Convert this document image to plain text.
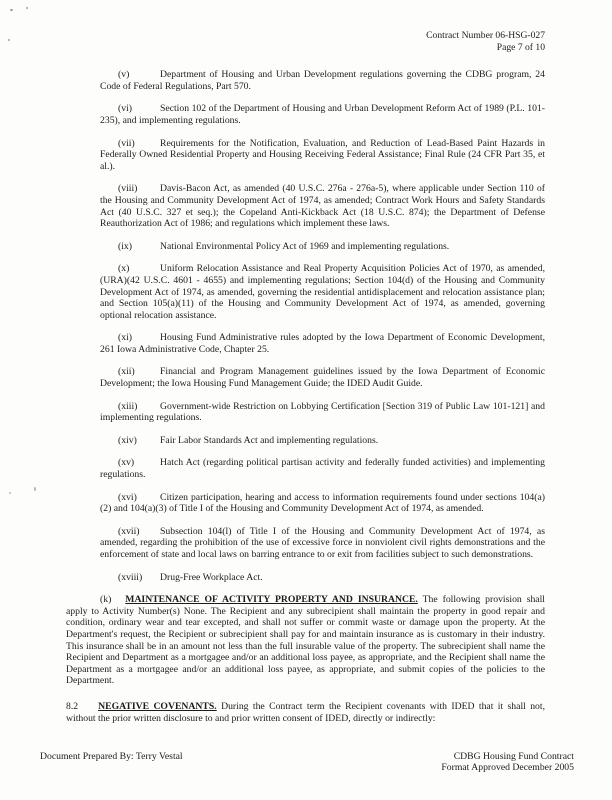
Contract Number 06-HSG-027
Page 7 of 10

(v)	Department of Housing and Urban Development regulations governing the CDBG program, 24 Code of Federal Regulations, Part 570.

(vi)	Section 102 of the Department of Housing and Urban Development Reform Act of 1989 (P.L. 101-235), and implementing regulations.

(vii)	Requirements for the Notification, Evaluation, and Reduction of Lead-Based Paint Hazards in Federally Owned Residential Property and Housing Receiving Federal Assistance; Final Rule (24 CFR Part 35, et al.).

(viii) Davis-Bacon Act, as amended (40 U.S.C. 276a - 276a-5), where applicable under Section 110 of the Housing and Community Development Act of 1974, as amended; Contract Work Hours and Safety Standards Act (40 U.S.C. 327 et seq.); the Copeland Anti-Kickback Act (18 U.S.C. 874); the Department of Defense Reauthorization Act of 1986; and regulations which implement these laws.

(ix)	National Environmental Policy Act of 1969 and implementing regulations.

(x)	Uniform Relocation Assistance and Real Property Acquisition Policies Act of 1970, as amended, (URA)(42 U.S.C. 4601 - 4655) and implementing regulations; Section 104(d) of the Housing and Community Development Act of 1974, as amended, governing the residential antidisplacement and relocation assistance plan; and Section 105(a)(11) of the Housing and Community Development Act of 1974, as amended, governing optional relocation assistance.

(xi)	Housing Fund Administrative rules adopted by the Iowa Department of Economic Development, 261 Iowa Administrative Code, Chapter 25.

(xii)	Financial and Program Management guidelines issued by the Iowa Department of Economic Development; the Iowa Housing Fund Management Guide; the IDED Audit Guide.

(xiii) Government-wide Restriction on Lobbying Certification [Section 319 of Public Law 101-121] and implementing regulations.

(xiv) Fair Labor Standards Act and implementing regulations.

(xv)	Hatch Act (regarding political partisan activity and federally funded activities) and implementing regulations.

(xvi) Citizen participation, hearing and access to information requirements found under sections 104(a)(2) and 104(a)(3) of Title I of the Housing and Community Development Act of 1974, as amended.

(xvii) Subsection 104(l) of Title I of the Housing and Community Development Act of 1974, as amended, regarding the prohibition of the use of excessive force in nonviolent civil rights demonstrations and the enforcement of state and local laws on barring entrance to or exit from facilities subject to such demonstrations.

(xviii) Drug-Free Workplace Act.

(k) MAINTENANCE OF ACTIVITY PROPERTY AND INSURANCE. The following provision shall apply to Activity Number(s) None. The Recipient and any subrecipient shall maintain the property in good repair and condition, ordinary wear and tear excepted, and shall not suffer or commit waste or damage upon the property. At the Department's request, the Recipient or subrecipient shall pay for and maintain insurance as is customary in their industry. This insurance shall be in an amount not less than the full insurable value of the property. The subrecipient shall name the Recipient and Department as a mortgagee and/or an additional loss payee, as appropriate, and the Recipient shall name the Department as a mortgagee and/or an additional loss payee, as appropriate, and submit copies of the policies to the Department.

8.2 NEGATIVE COVENANTS. During the Contract term the Recipient covenants with IDED that it shall not, without the prior written disclosure to and prior written consent of IDED, directly or indirectly:

Document Prepared By: Terry Vestal	CDBG Housing Fund Contract
Format Approved December 2005
